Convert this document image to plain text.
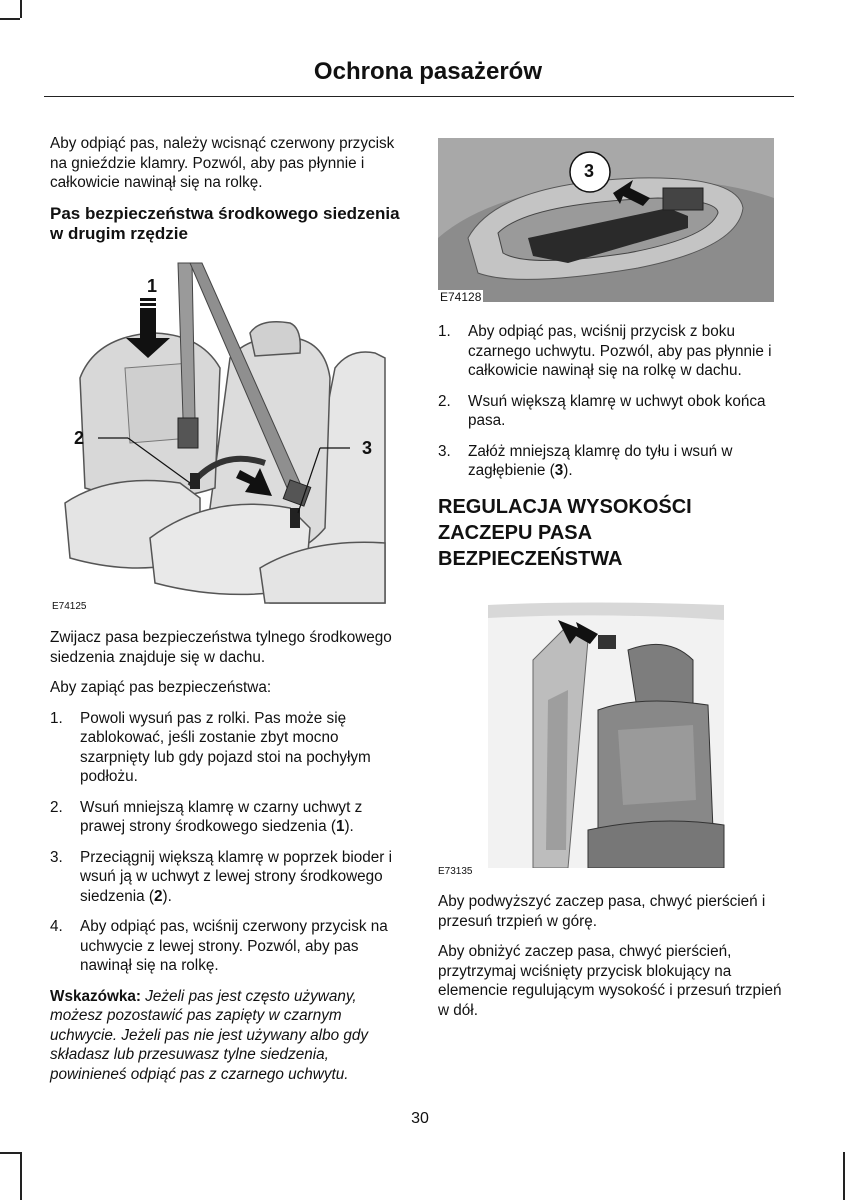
Ochrona pasażerów

Aby odpiąć pas, należy wcisnąć czerwony przycisk na gnieździe klamry. Pozwól, aby pas płynnie i całkowicie nawinął się na rolkę.

Pas bezpieczeństwa środkowego siedzenia w drugim rzędzie
1
2	3
E74125

Zwijacz pasa bezpieczeństwa tylnego środkowego siedzenia znajduje się w dachu.

Aby zapiąć pas bezpieczeństwa:

1. Powoli wysuń pas z rolki. Pas może się zablokować, jeśli zostanie zbyt mocno szarpnięty lub gdy pojazd stoi na pochyłym podłożu.
2. Wsuń mniejszą klamrę w czarny uchwyt z prawej strony środkowego siedzenia (1).
3. Przeciągnij większą klamrę w poprzek bioder i wsuń ją w uchwyt z lewej strony środkowego siedzenia (2).
4. Aby odpiąć pas, wciśnij czerwony przycisk na uchwycie z lewej strony. Pozwól, aby pas nawinął się na rolkę.

Wskazówka: Jeżeli pas jest często używany, możesz pozostawić pas zapięty w czarnym uchwycie. Jeżeli pas nie jest używany albo gdy składasz lub przesuwasz tylne siedzenia, powinieneś odpiąć pas z czarnego uchwytu.

3
E74128
1. Aby odpiąć pas, wciśnij przycisk z boku czarnego uchwytu. Pozwól, aby pas płynnie i całkowicie nawinął się na rolkę w dachu.
2. Wsuń większą klamrę w uchwyt obok końca pasa.
3. Załóż mniejszą klamrę do tyłu i wsuń w zagłębienie (3).
REGULACJA WYSOKOŚCI
ZACZEPU PASA
BEZPIECZEŃSTWA
E73135

Aby podwyższyć zaczep pasa, chwyć pierścień i przesuń trzpień w górę.

Aby obniżyć zaczep pasa, chwyć pierścień, przytrzymaj wciśnięty przycisk blokujący na elemencie regulującym wysokość i przesuń trzpień w dół.

30
